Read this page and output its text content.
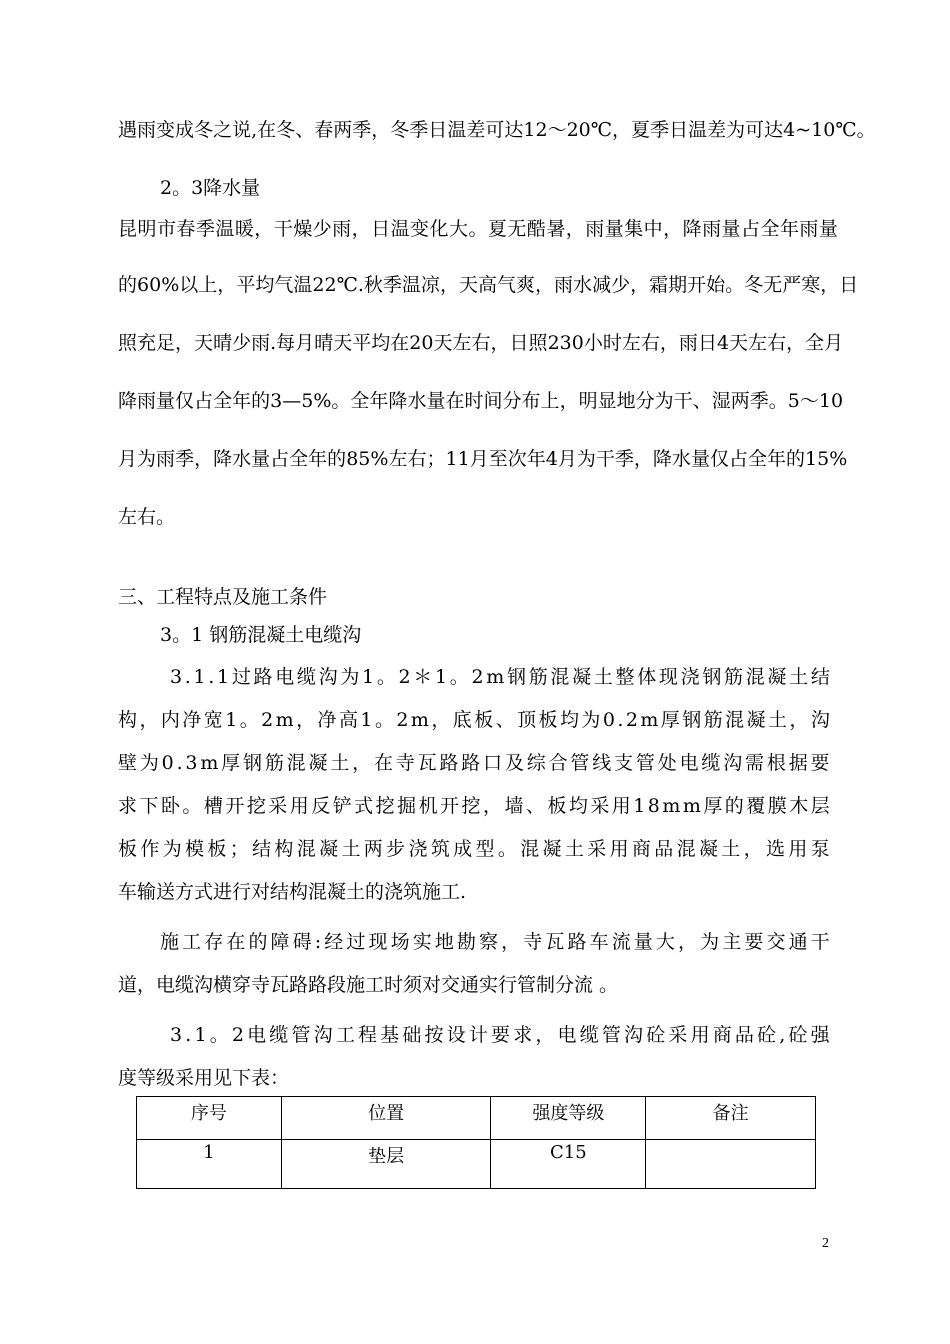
遇 雨 变 成 冬 之 说 , 在 冬 、 春 两 季 ， 冬 季 日 温 差 可 达 1 2 ～ 2 0 ℃ ， 夏 季 日 温 差 为 可 达 4 ~ 1 0 ℃ 。
2。3降水量
昆 明 市 春 季 温 暖 ， 干 燥 少 雨 ， 日 温 变 化 大 。 夏 无 酷 暑 ， 雨 量 集 中 ， 降 雨 量 占 全 年 雨 量
的 6 0 % 以 上 ， 平 均 气 温 2 2 ℃ . 秋 季 温 凉 ， 天 高 气 爽 ， 雨 水 减 少 ， 霜 期 开 始 。 冬 无 严 寒 ， 日
照 充 足 ， 天 晴 少 雨 . 每 月 晴 天 平 均 在 2 0 天 左 右 ， 日 照 2 3 0 小 时 左 右 ， 雨 日 4 天 左 右 ， 全 月
降 雨 量 仅 占 全 年 的 3 — 5 % 。 全 年 降 水 量 在 时 间 分 布 上 ， 明 显 地 分 为 干 、 湿 两 季 。 5 ～ 1 0
月 为 雨 季 ， 降 水 量 占 全 年 的 8 5 % 左 右 ； 1 1 月 至 次 年 4 月 为 干 季 ， 降 水 量 仅 占 全 年 的 1 5 %
左右。
三、工程特点及施工条件
3。1 钢筋混凝土电缆沟
3 . 1 . 1 过 路 电 缆 沟 为 1 。 2 ＊ 1 。 2 m 钢 筋 混 凝 土 整 体 现 浇 钢 筋 混 凝 土 结
构 ， 内 净 宽 1 。 2 m ， 净 高 1 。 2 m ， 底 板 、 顶 板 均 为 0 . 2 m 厚 钢 筋 混 凝 土 ， 沟
壁 为 0 . 3 m 厚 钢 筋 混 凝 土 ， 在 寺 瓦 路 路 口 及 综 合 管 线 支 管 处 电 缆 沟 需 根 据 要
求 下 卧 。 槽 开 挖 采 用 反 铲 式 挖 掘 机 开 挖 ， 墙 、 板 均 采 用 1 8 m m 厚 的 覆 膜 木 层
板 作 为 模 板 ； 结 构 混 凝 土 两 步 浇 筑 成 型 。 混 凝 土 采 用 商 品 混 凝 土 ， 选 用 泵
车输送方式进行对结构混凝土的浇筑施工.
施 工 存 在 的 障 碍 : 经 过 现 场 实 地 勘 察 ， 寺 瓦 路 车 流 量 大 ， 为 主 要 交 通 干
道，电缆沟横穿寺瓦路路段施工时须对交通实行管制分流 。
3 . 1 。 2 电 缆 管 沟 工 程 基 础 按 设 计 要 求 ， 电 缆 管 沟 砼 采 用 商 品 砼 , 砼 强
度等级采用见下表：
序号	位置	强度等级	备注
1	垫层	C15	
2
